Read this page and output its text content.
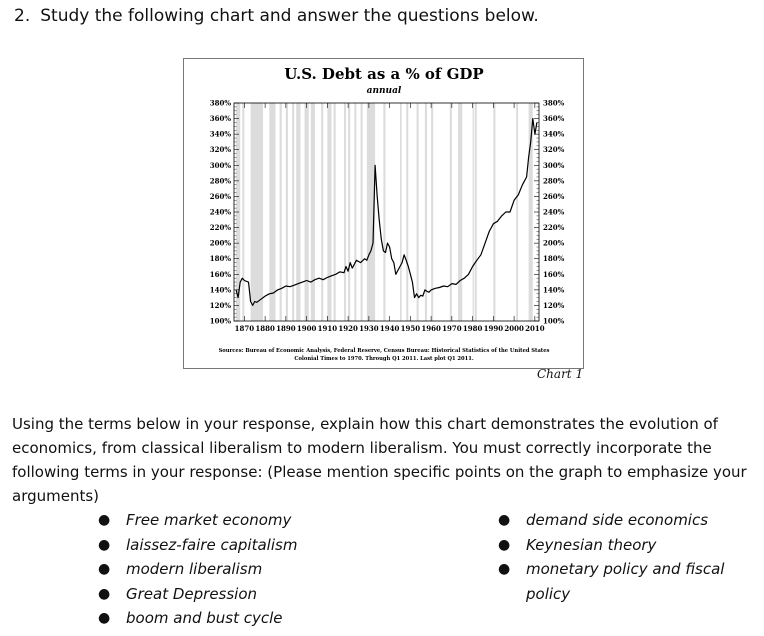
2. Study the following chart and answer the questions below.
U.S. Debt as a % of GDP
annual
100%	100%
120%	120%
140%	140%
160%	160%
180%	180%
200%	200%
220%	220%
240%	240%
260%	260%
280%	280%
300%	300%
320%	320%
340%	340%
360%	360%
380%	380%
1870 1880 1890 1900 1910 1920 1930 1940 1950 1960 1970 1980 1990 2000 2010
Sources: Bureau of Economic Analysis, Federal Reserve, Census Bureau: Historical Statistics of the United States
Colonial Times to 1970. Through Q1 2011. Last plot Q1 2011.
Chart 1
Using the terms below in your response, explain how this chart demonstrates the evolution of economics, from classical liberalism to modern liberalism. You must correctly incorporate the following terms in your response: (Please mention specific points on the graph to emphasize your arguments)
●	Free market economy
●	laissez-faire capitalism
●	modern liberalism
●	Great Depression
●	boom and bust cycle
●	demand side economics
●	Keynesian theory
●	monetary policy and fiscal policy
